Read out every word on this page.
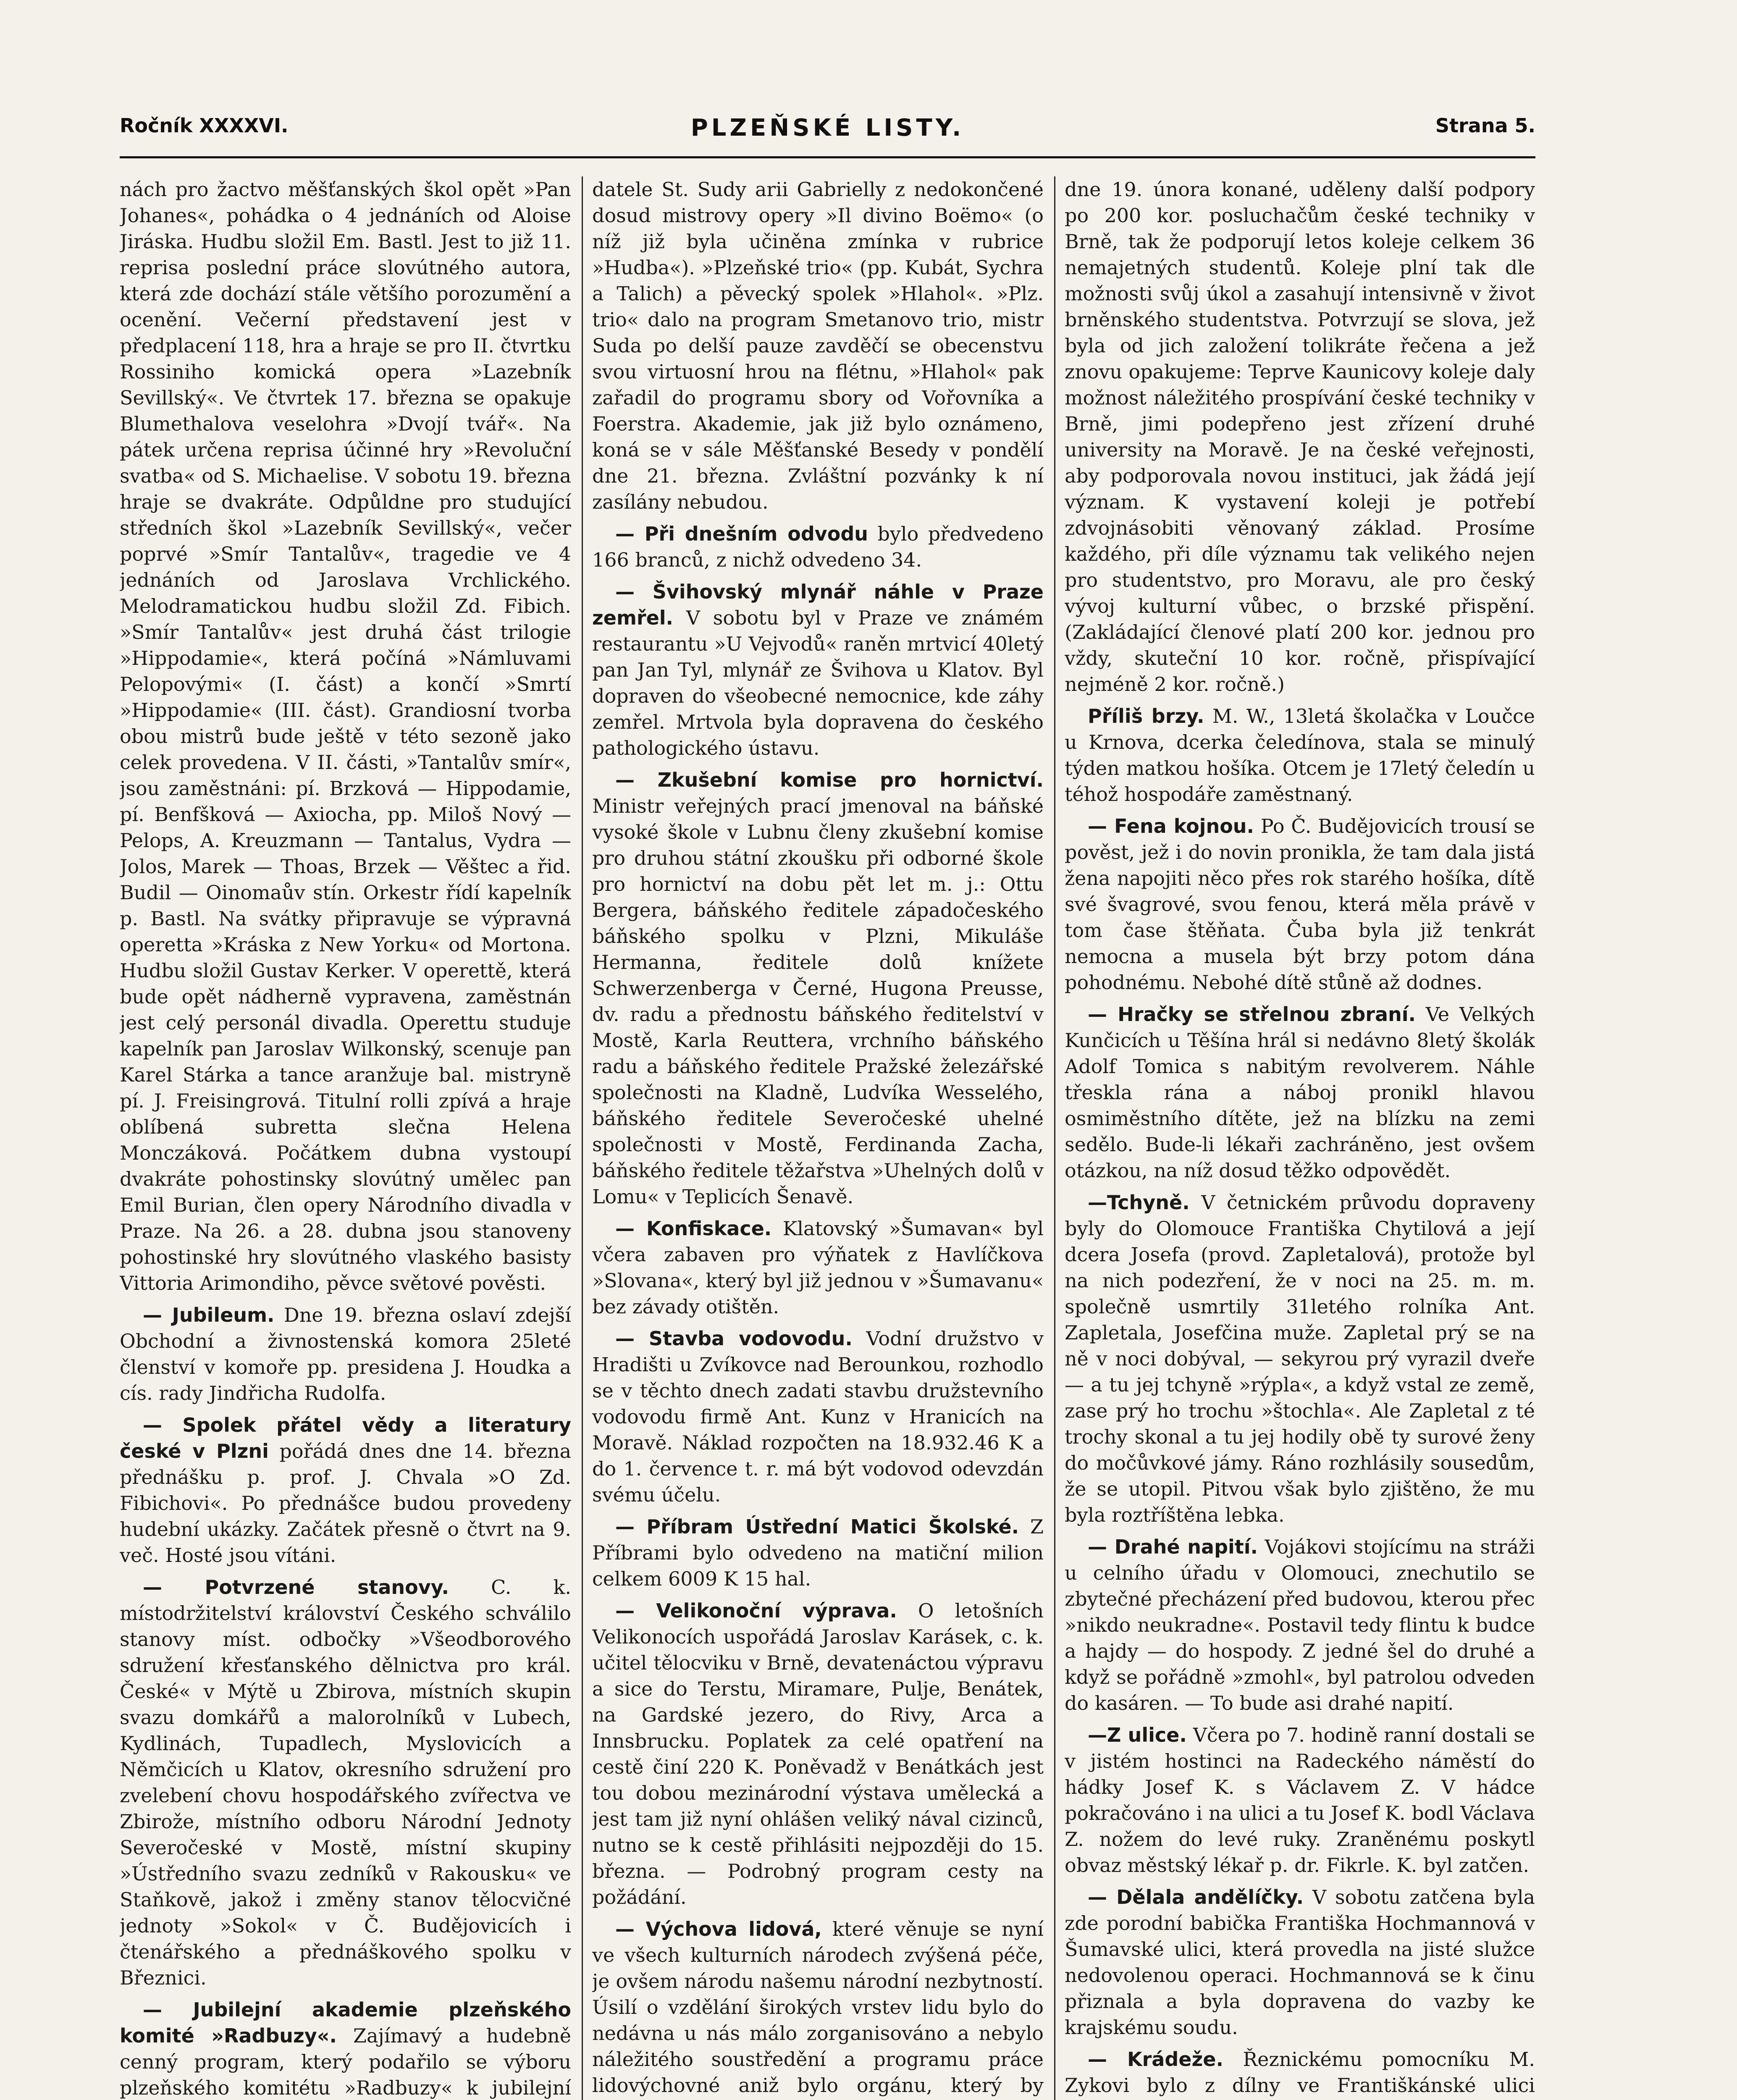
Ročník XXXXVI.	PLZEŇSKÉ LISTY.	Strana 5.

nách pro žactvo měšťanských škol opět »Pan Johanes«, pohádka o 4 jednáních od Aloise Jiráska. Hudbu složil Em. Bastl. Jest to již 11. reprisa poslední práce slovútného autora, která zde dochází stále většího porozumění a ocenění. Večerní představení jest v předplacení 118, hra a hraje se pro II. čtvrtku Rossiniho komická opera »Lazebník Sevillský«. Ve čtvrtek 17. března se opakuje Blumethalova veselohra »Dvojí tvář«. Na pátek určena reprisa účinné hry »Revoluční svatba« od S. Michaelise. V sobotu 19. března hraje se dvakráte. Odpůldne pro studující středních škol »Lazebník Sevillský«, večer poprvé »Smír Tantalův«, tragedie ve 4 jednáních od Jaroslava Vrchlického. Melodramatickou hudbu složil Zd. Fibich. »Smír Tantalův« jest druhá část trilogie »Hippodamie«, která počíná »Námluvami Pelopovými« (I. část) a končí »Smrtí »Hippodamie« (III. část). Grandiosní tvorba obou mistrů bude ještě v této sezoně jako celek provedena. V II. části, »Tantalův smír«, jsou zaměstnáni: pí. Brzková — Hippodamie, pí. Benfšková — Axiocha, pp. Miloš Nový — Pelops, A. Kreuzmann — Tantalus, Vydra — Jolos, Marek — Thoas, Brzek — Věštec a řid. Budil — Oinomaův stín. Orkestr řídí kapelník p. Bastl. Na svátky připravuje se výpravná operetta »Kráska z New Yorku« od Mortona. Hudbu složil Gustav Kerker. V operettě, která bude opět nádherně vypravena, zaměstnán jest celý personál divadla. Operettu studuje kapelník pan Jaroslav Wilkonský, scenuje pan Karel Stárka a tance aranžuje bal. mistryně pí. J. Freisingrová. Titulní rolli zpívá a hraje oblíbená subretta slečna Helena Monczáková. Počátkem dubna vystoupí dvakráte pohostinsky slovútný umělec pan Emil Burian, člen opery Národního divadla v Praze. Na 26. a 28. dubna jsou stanoveny pohostinské hry slovútného vlaského basisty Vittoria Arimondiho, pěvce světové pověsti.

— Jubileum. Dne 19. března oslaví zdejší Obchodní a živnostenská komora 25leté členství v komoře pp. presidena J. Houdka a cís. rady Jindřicha Rudolfa.

— Spolek přátel vědy a literatury české v Plzni pořádá dnes dne 14. března přednášku p. prof. J. Chvala »O Zd. Fibichovi«. Po přednášce budou provedeny hudební ukázky. Začátek přesně o čtvrt na 9. več. Hosté jsou vítáni.

— Potvrzené stanovy. C. k. místodržitelství království Českého schválilo stanovy míst. odbočky »Všeodborového sdružení křesťanského dělnictva pro král. České« v Mýtě u Zbirova, místních skupin svazu domkářů a malorolníků v Lubech, Kydlinách, Tupadlech, Myslovicích a Němčicích u Klatov, okresního sdružení pro zvelebení chovu hospodářského zvířectva ve Zbirože, místního odboru Národní Jednoty Severočeské v Mostě, místní skupiny »Ústředního svazu zedníků v Rakousku« ve Staňkově, jakož i změny stanov tělocvičné jednoty »Sokol« v Č. Budějovicích i čtenářského a přednáškového spolku v Březnici.

— Jubilejní akademie plzeňského komité »Radbuzy«. Zajímavý a hudebně cenný program, který podařilo se výboru plzeňského komitétu »Radbuzy« k jubilejní

datele St. Sudy arii Gabrielly z nedokončené dosud mistrovy opery »Il divino Boëmo« (o níž již byla učiněna zmínka v rubrice »Hudba«). »Plzeňské trio« (pp. Kubát, Sychra a Talich) a pěvecký spolek »Hlahol«. »Plz. trio« dalo na program Smetanovo trio, mistr Suda po delší pauze zavděčí se obecenstvu svou virtuosní hrou na flétnu, »Hlahol« pak zařadil do programu sbory od Vořovníka a Foerstra. Akademie, jak již bylo oznámeno, koná se v sále Měšťanské Besedy v pondělí dne 21. března. Zvláštní pozvánky k ní zasílány nebudou.

— Při dnešním odvodu bylo předvedeno 166 branců, z nichž odvedeno 34.

— Švihovský mlynář náhle v Praze zemřel. V sobotu byl v Praze ve známém restaurantu »U Vejvodů« raněn mrtvicí 40letý pan Jan Tyl, mlynář ze Švihova u Klatov. Byl dopraven do všeobecné nemocnice, kde záhy zemřel. Mrtvola byla dopravena do českého pathologického ústavu.

— Zkušební komise pro hornictví. Ministr veřejných prací jmenoval na báňské vysoké škole v Lubnu členy zkušební komise pro druhou státní zkoušku při odborné škole pro hornictví na dobu pět let m. j.: Ottu Bergera, báňského ředitele západočeského báňského spolku v Plzni, Mikuláše Hermanna, ředitele dolů knížete Schwerzenberga v Černé, Hugona Preusse, dv. radu a přednostu báňského ředitelství v Mostě, Karla Reuttera, vrchního báňského radu a báňského ředitele Pražské železářské společnosti na Kladně, Ludvíka Wesselého, báňského ředitele Severočeské uhelné společnosti v Mostě, Ferdinanda Zacha, báňského ředitele těžařstva »Uhelných dolů v Lomu« v Teplicích Šenavě.

— Konfiskace. Klatovský »Šumavan« byl včera zabaven pro výňatek z Havlíčkova »Slovana«, který byl již jednou v »Šumavanu« bez závady otištěn.

— Stavba vodovodu. Vodní družstvo v Hradišti u Zvíkovce nad Berounkou, rozhodlo se v těchto dnech zadati stavbu družstevního vodovodu firmě Ant. Kunz v Hranicích na Moravě. Náklad rozpočten na 18.932.46 K a do 1. července t. r. má být vodovod odevzdán svému účelu.

— Příbram Ústřední Matici Školské. Z Příbrami bylo odvedeno na matiční milion celkem 6009 K 15 hal.

— Velikonoční výprava. O letošních Velikonocích uspořádá Jaroslav Karásek, c. k. učitel tělocviku v Brně, devatenáctou výpravu a sice do Terstu, Miramare, Pulje, Benátek, na Gardské jezero, do Rivy, Arca a Innsbrucku. Poplatek za celé opatření na cestě činí 220 K. Poněvadž v Benátkách jest tou dobou mezinárodní výstava umělecká a jest tam již nyní ohlášen veliký nával cizinců, nutno se k cestě přihlásiti nejpozději do 15. března. — Podrobný program cesty na požádání.

— Výchova lidová, které věnuje se nyní ve všech kulturních národech zvýšená péče, je ovšem národu našemu národní nezbytností. Úsilí o vzdělání širokých vrstev lidu bylo do nedávna u nás málo zorganisováno a nebylo náležitého soustředění a programu práce lidovýchovné aniž bylo orgánu, který by

dne 19. února konané, uděleny další podpory po 200 kor. posluchačům české techniky v Brně, tak že podporují letos koleje celkem 36 nemajetných studentů. Koleje plní tak dle možnosti svůj úkol a zasahují intensivně v život brněnského studentstva. Potvrzují se slova, jež byla od jich založení tolikráte řečena a jež znovu opakujeme: Teprve Kaunicovy koleje daly možnost náležitého prospívání české techniky v Brně, jimi podepřeno jest zřízení druhé university na Moravě. Je na české veřejnosti, aby podporovala novou instituci, jak žádá její význam. K vystavení koleji je potřebí zdvojnásobiti věnovaný základ. Prosíme každého, při díle významu tak velikého nejen pro studentstvo, pro Moravu, ale pro český vývoj kulturní vůbec, o brzské přispění. (Zakládající členové platí 200 kor. jednou pro vždy, skuteční 10 kor. ročně, přispívající nejméně 2 kor. ročně.)

Příliš brzy. M. W., 13letá školačka v Loučce u Krnova, dcerka čeledínova, stala se minulý týden matkou hošíka. Otcem je 17letý čeledín u téhož hospodáře zaměstnaný.

— Fena kojnou. Po Č. Budějovicích trousí se pověst, jež i do novin pronikla, že tam dala jistá žena napojiti něco přes rok starého hošíka, dítě své švagrové, svou fenou, která měla právě v tom čase štěňata. Čuba byla již tenkrát nemocna a musela být brzy potom dána pohodnému. Nebohé dítě stůně až dodnes.

— Hračky se střelnou zbraní. Ve Velkých Kunčicích u Těšína hrál si nedávno 8letý školák Adolf Tomica s nabitým revolverem. Náhle třeskla rána a náboj pronikl hlavou osmiměstního dítěte, jež na blízku na zemi sedělo. Bude-li lékaři zachráněno, jest ovšem otázkou, na níž dosud těžko odpovědět.

—Tchyně. V četnickém průvodu dopraveny byly do Olomouce Františka Chytilová a její dcera Josefa (provd. Zapletalová), protože byl na nich podezření, že v noci na 25. m. m. společně usmrtily 31letého rolníka Ant. Zapletala, Josefčina muže. Zapletal prý se na ně v noci dobýval, — sekyrou prý vyrazil dveře — a tu jej tchyně »rýpla«, a když vstal ze země, zase prý ho trochu »štochla«. Ale Zapletal z té trochy skonal a tu jej hodily obě ty surové ženy do močůvkové jámy. Ráno rozhlásily sousedům, že se utopil. Pitvou však bylo zjištěno, že mu byla roztříštěna lebka.

— Drahé napití. Vojákovi stojícímu na stráži u celního úřadu v Olomouci, znechutilo se zbytečné přecházení před budovou, kterou přec »nikdo neukradne«. Postavil tedy flintu k budce a hajdy — do hospody. Z jedné šel do druhé a když se pořádně »zmohl«, byl patrolou odveden do kasáren. — To bude asi drahé napití.

—Z ulice. Včera po 7. hodině ranní dostali se v jistém hostinci na Radeckého náměstí do hádky Josef K. s Václavem Z. V hádce pokračováno i na ulici a tu Josef K. bodl Václava Z. nožem do levé ruky. Zraněnému poskytl obvaz městský lékař p. dr. Fikrle. K. byl zatčen.

— Dělala andělíčky. V sobotu zatčena byla zde porodní babička Františka Hochmannová v Šumavské ulici, která provedla na jisté služce nedovolenou operaci. Hochmannová se k činu přiznala a byla dopravena do vazby ke krajskému soudu.

— Krádeže. Řeznickému pomocníku M. Zykovi bylo z dílny ve Františkánské ulici
